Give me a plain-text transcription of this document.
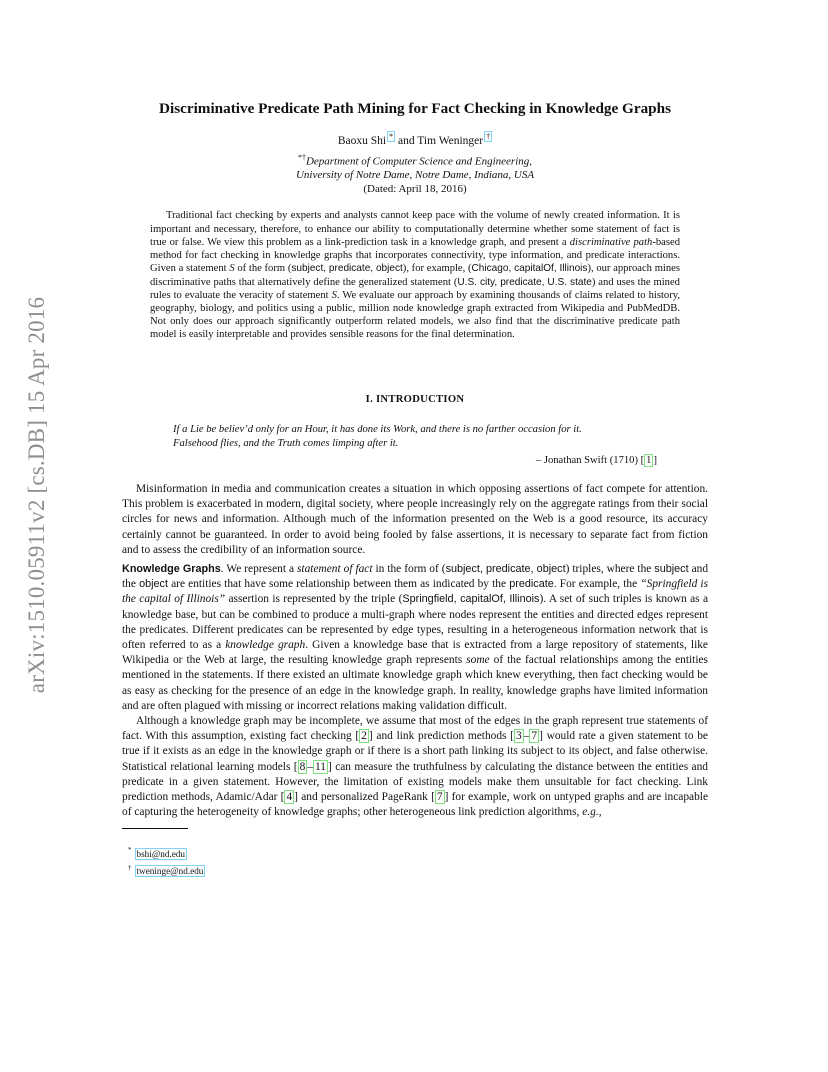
arXiv:1510.05911v2 [cs.DB] 15 Apr 2016
Discriminative Predicate Path Mining for Fact Checking in Knowledge Graphs
Baoxu Shi * and Tim Weninger †
*†Department of Computer Science and Engineering,
University of Notre Dame, Notre Dame, Indiana, USA
(Dated: April 18, 2016)
Traditional fact checking by experts and analysts cannot keep pace with the volume of newly created information. It is important and necessary, therefore, to enhance our ability to computationally determine whether some statement of fact is true or false. We view this problem as a link-prediction task in a knowledge graph, and present a discriminative path-based method for fact checking in knowledge graphs that incorporates connectivity, type information, and predicate interactions. Given a statement S of the form (subject, predicate, object), for example, (Chicago, capitalOf, Illinois), our approach mines discriminative paths that alternatively define the generalized statement (U.S. city, predicate, U.S. state) and uses the mined rules to evaluate the veracity of statement S. We evaluate our approach by examining thousands of claims related to history, geography, biology, and politics using a public, million node knowledge graph extracted from Wikipedia and PubMedDB. Not only does our approach significantly outperform related models, we also find that the discriminative predicate path model is easily interpretable and provides sensible reasons for the final determination.
I. INTRODUCTION
If a Lie be believ’d only for an Hour, it has done its Work, and there is no farther occasion for it.
Falsehood flies, and the Truth comes limping after it.
– Jonathan Swift (1710) [ 1 ]

Misinformation in media and communication creates a situation in which opposing assertions of fact compete for attention. This problem is exacerbated in modern, digital society, where people increasingly rely on the aggregate ratings from their social circles for news and information. Although much of the information presented on the Web is a good resource, its accuracy certainly cannot be guaranteed. In order to avoid being fooled by false assertions, it is necessary to separate fact from fiction and to assess the credibility of an information source.

Knowledge Graphs. We represent a statement of fact in the form of (subject, predicate, object) triples, where the subject and the object are entities that have some relationship between them as indicated by the predicate. For example, the “Springfield is the capital of Illinois” assertion is represented by the triple (Springfield, capitalOf, Illinois). A set of such triples is known as a knowledge base, but can be combined to produce a multi-graph where nodes represent the entities and directed edges represent the predicates. Different predicates can be represented by edge types, resulting in a heterogeneous information network that is often referred to as a knowledge graph. Given a knowledge base that is extracted from a large repository of statements, like Wikipedia or the Web at large, the resulting knowledge graph represents some of the factual relationships among the entities mentioned in the statements. If there existed an ultimate knowledge graph which knew everything, then fact checking would be as easy as checking for the presence of an edge in the knowledge graph. In reality, knowledge graphs have limited information and are often plagued with missing or incorrect relations making validation difficult.

Although a knowledge graph may be incomplete, we assume that most of the edges in the graph represent true statements of fact. With this assumption, existing fact checking [ 2 ] and link prediction methods [ 3 – 7 ] would rate a given statement to be true if it exists as an edge in the knowledge graph or if there is a short path linking its subject to its object, and false otherwise. Statistical relational learning models [ 8 – 11 ] can measure the truthfulness by calculating the distance between the entities and predicate in a given statement. However, the limitation of existing models make them unsuitable for fact checking. Link prediction methods, Adamic/Adar [ 4 ] and personalized PageRank [ 7 ] for example, work on untyped graphs and are incapable of capturing the heterogeneity of knowledge graphs; other heterogeneous link prediction algorithms, e.g.,

* bshi@nd.edu
† tweninge@nd.edu
